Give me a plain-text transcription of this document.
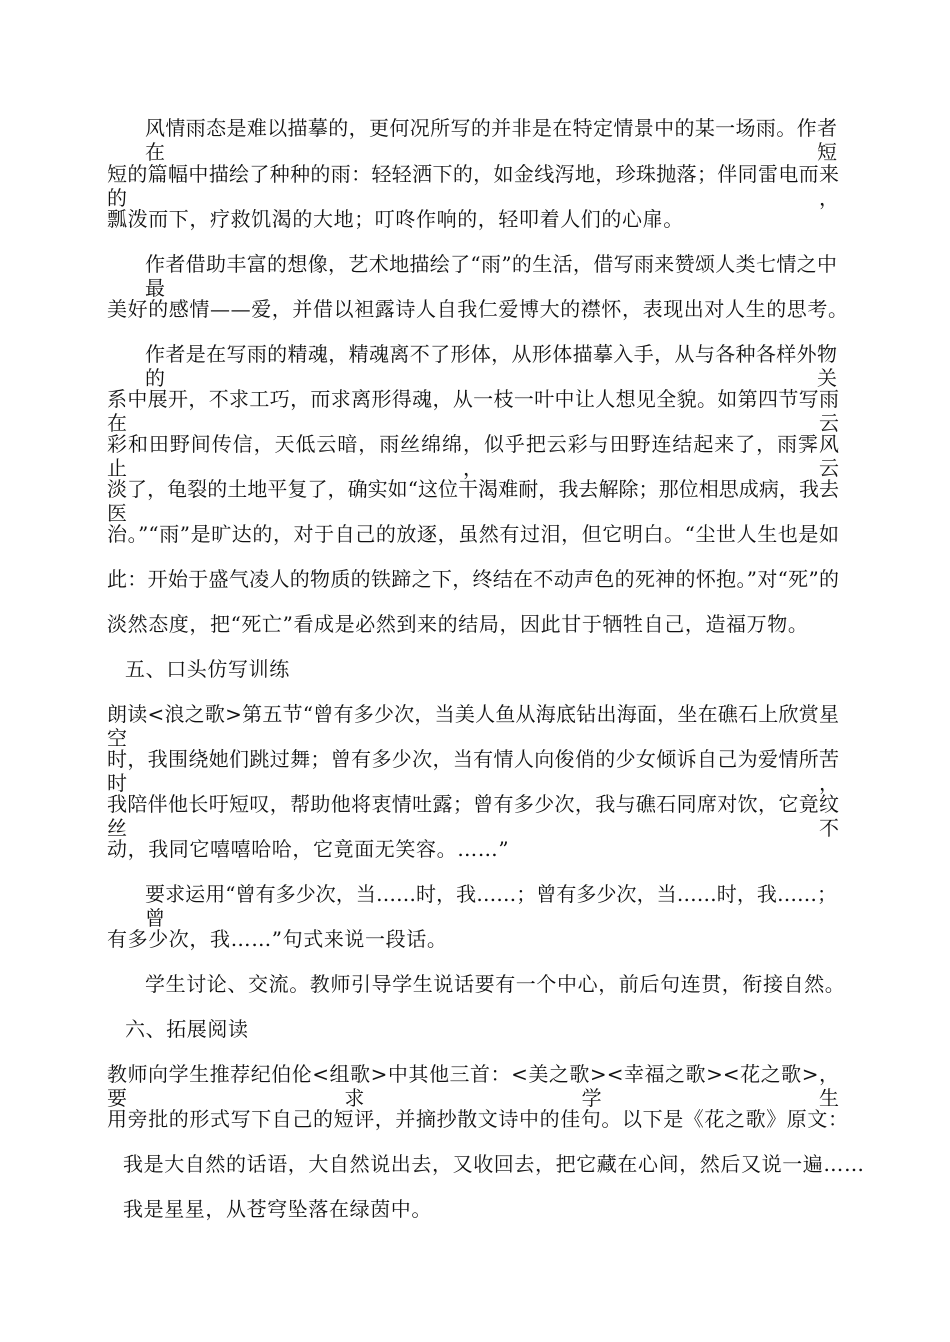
风情雨态是难以描摹的，更何况所写的并非是在特定情景中的某一场雨。作者在短
短的篇幅中描绘了种种的雨：轻轻洒下的，如金线泻地，珍珠抛落；伴同雷电而来的，
瓢泼而下，疗救饥渴的大地；叮咚作响的，轻叩着人们的心扉。
作者借助丰富的想像，艺术地描绘了“雨”的生活，借写雨来赞颂人类七情之中最
美好的感情——爱，并借以袒露诗人自我仁爱博大的襟怀，表现出对人生的思考。
作者是在写雨的精魂，精魂离不了形体，从形体描摹入手，从与各种各样外物的关
系中展开，不求工巧，而求离形得魂，从一枝一叶中让人想见全貌。如第四节写雨在云
彩和田野间传信，天低云暗，雨丝绵绵，似乎把云彩与田野连结起来了，雨霁风止，云
淡了，龟裂的土地平复了，确实如“这位干渴难耐，我去解除；那位相思成病，我去医
治。”“雨”是旷达的，对于自己的放逐，虽然有过泪，但它明白。“尘世人生也是如
此：开始于盛气凌人的物质的铁蹄之下，终结在不动声色的死神的怀抱。”对“死”的
淡然态度，把“死亡”看成是必然到来的结局，因此甘于牺牲自己，造福万物。
五、口头仿写训练
朗读<浪之歌>第五节“曾有多少次，当美人鱼从海底钻出海面，坐在礁石上欣赏星空
时，我围绕她们跳过舞；曾有多少次，当有情人向俊俏的少女倾诉自己为爱情所苦时，
我陪伴他长吁短叹，帮助他将衷情吐露；曾有多少次，我与礁石同席对饮，它竟纹丝不
动，我同它嘻嘻哈哈，它竟面无笑容。……”
要求运用“曾有多少次，当……时，我……；曾有多少次，当……时，我……；曾
有多少次，我……”句式来说一段话。
学生讨论、交流。教师引导学生说话要有一个中心，前后句连贯，衔接自然。
六、拓展阅读
教师向学生推荐纪伯伦<组歌>中其他三首：<美之歌><幸福之歌><花之歌>，要求学生
用旁批的形式写下自己的短评，并摘抄散文诗中的佳句。以下是《花之歌》原文：
我是大自然的话语，大自然说出去，又收回去，把它藏在心间，然后又说一遍……
我是星星，从苍穹坠落在绿茵中。
